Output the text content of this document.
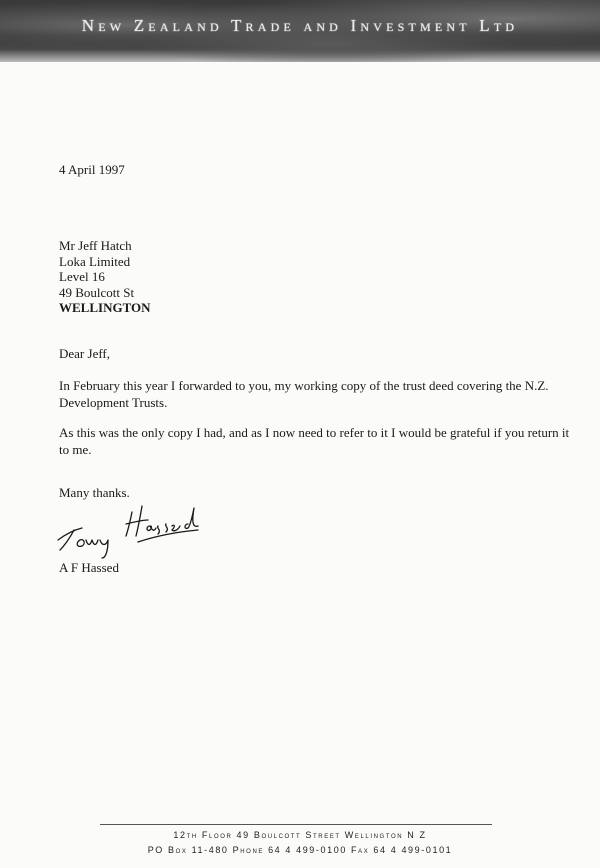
New Zealand Trade and Investment Ltd
4 April 1997
Mr Jeff Hatch
Loka Limited
Level 16
49 Boulcott St
WELLINGTON
Dear Jeff,
In February this year I forwarded to you, my working copy of the trust deed covering the N.Z. Development Trusts.
As this was the only copy I had, and as I now need to refer to it I would be grateful if you return it to me.
Many thanks.
A F Hassed
12th Floor 49 Boulcott Street Wellington N Z
PO Box 11-480 Phone 64 4 499-0100 Fax 64 4 499-0101
